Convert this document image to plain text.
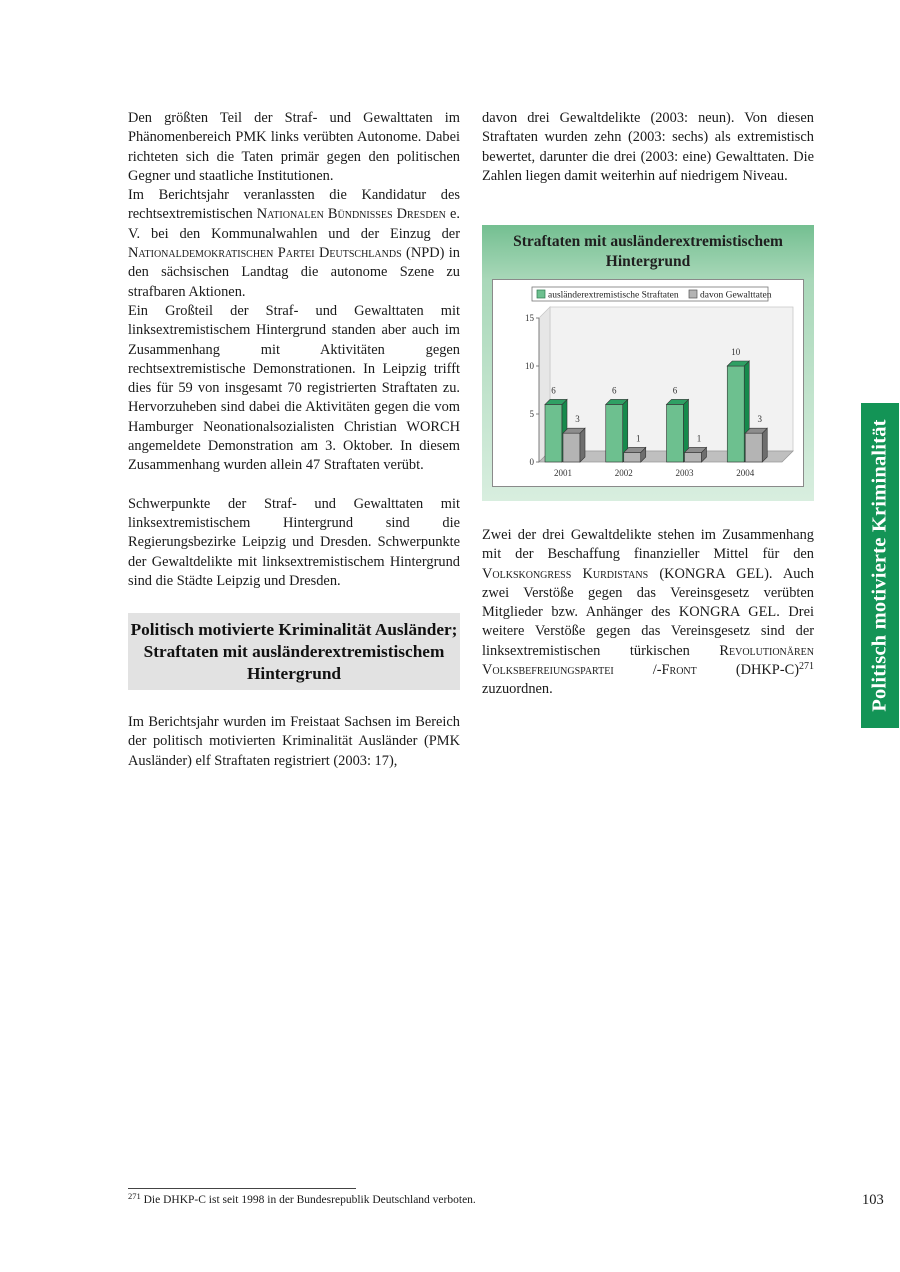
Den größten Teil der Straf- und Gewalttaten im Phänomenbereich PMK links verübten Autonome. Dabei richteten sich die Taten primär gegen den politischen Gegner und staatliche Institutionen.

Im Berichtsjahr veranlassten die Kandidatur des rechtsextremistischen Nationalen Bündnisses Dresden e. V. bei den Kommunalwahlen und der Einzug der Nationaldemokratischen Partei Deutschlands (NPD) in den sächsischen Landtag die autonome Szene zu strafbaren Aktionen.

Ein Großteil der Straf- und Gewalttaten mit linksextremistischem Hintergrund standen aber auch im Zusammenhang mit Aktivitäten gegen rechtsextremistische Demonstrationen. In Leipzig trifft dies für 59 von insgesamt 70 registrierten Straftaten zu. Hervorzuheben sind dabei die Aktivitäten gegen die vom Hamburger Neonationalsozialisten Christian WORCH angemeldete Demonstration am 3. Oktober. In diesem Zusammenhang wurden allein 47 Straftaten verübt.

Schwerpunkte der Straf- und Gewalttaten mit linksextremistischem Hintergrund sind die Regierungsbezirke Leipzig und Dresden. Schwerpunkte der Gewaltdelikte mit linksextremistischem Hintergrund sind die Städte Leipzig und Dresden.

Politisch motivierte Kriminalität Ausländer; Straftaten mit ausländerextremistischem Hintergrund

Im Berichtsjahr wurden im Freistaat Sachsen im Bereich der politisch motivierten Kriminalität Ausländer (PMK Ausländer) elf Straftaten registriert (2003: 17),

davon drei Gewaltdelikte (2003: neun). Von diesen Straftaten wurden zehn (2003: sechs) als extremistisch bewertet, darunter die drei (2003: eine) Gewalttaten. Die Zahlen liegen damit weiterhin auf niedrigem Niveau.

Straftaten mit ausländerextremistischem Hintergrund
ausländerextremistische Straftaten davon Gewalttaten
0
5
10
15
6
3
2001
6
1
2002
6
1
2003
10
3
2004

Zwei der drei Gewaltdelikte stehen im Zusammenhang mit der Beschaffung finanzieller Mittel für den Volkskongress Kurdistans (KONGRA GEL). Auch zwei Verstöße gegen das Vereinsgesetz verübten Mitglieder bzw. Anhänger des KONGRA GEL. Drei weitere Verstöße gegen das Vereinsgesetz sind der linksextremistischen türkischen Revolutionären Volksbefreiungspartei /-Front (DHKP-C)$^{271}$ zuzuordnen.	Politisch motivierte Kriminalität
$^{271}$ Die DHKP-C ist seit 1998 in der Bundesrepublik Deutschland verboten.	103
